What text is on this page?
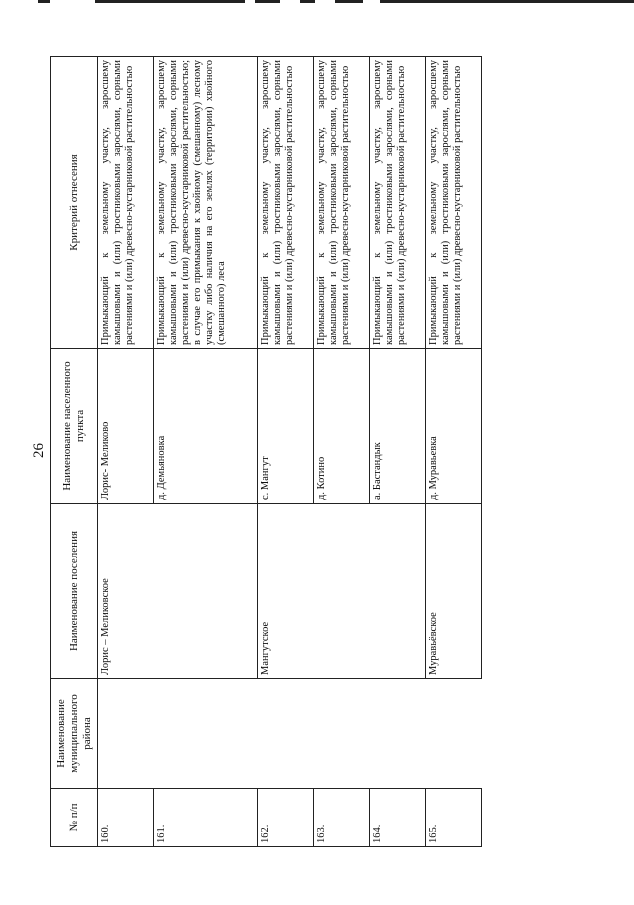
26
№ п/п	Наименование муниципального района	Наименование поселения	Наименование населенного пункта	Критерий отнесения
160.		Лорис – Меликовское	Лорис- Меликово	Примыкающий к земельному участку, заросшему камышовыми и (или) тростниковыми зарослями, сорными растениями и (или) древесно-кустарниковой растительностью
161.			д. Демьяновка	Примыкающий к земельному участку, заросшему камышовыми и (или) тростниковыми зарослями, сорными растениями и (или) древесно-кустарниковой растительностью; в случае его примыкания к хвойному (смешанному) лесному участку либо наличия на его землях (территории) хвойного (смешанного) леса
162.		Мангутское	с. Мангут	Примыкающий к земельному участку, заросшему камышовыми и (или) тростниковыми зарослями, сорными растениями и (или) древесно-кустарниковой растительностью
163.			д. Котино	Примыкающий к земельному участку, заросшему камышовыми и (или) тростниковыми зарослями, сорными растениями и (или) древесно-кустарниковой растительностью
164.			а. Бастандык	Примыкающий к земельному участку, заросшему камышовыми и (или) тростниковыми зарослями, сорными растениями и (или) древесно-кустарниковой растительностью
165.		Муравьёвское	д. Муравьевка	Примыкающий к земельному участку, заросшему камышовыми и (или) тростниковыми зарослями, сорными растениями и (или) древесно-кустарниковой растительностью
